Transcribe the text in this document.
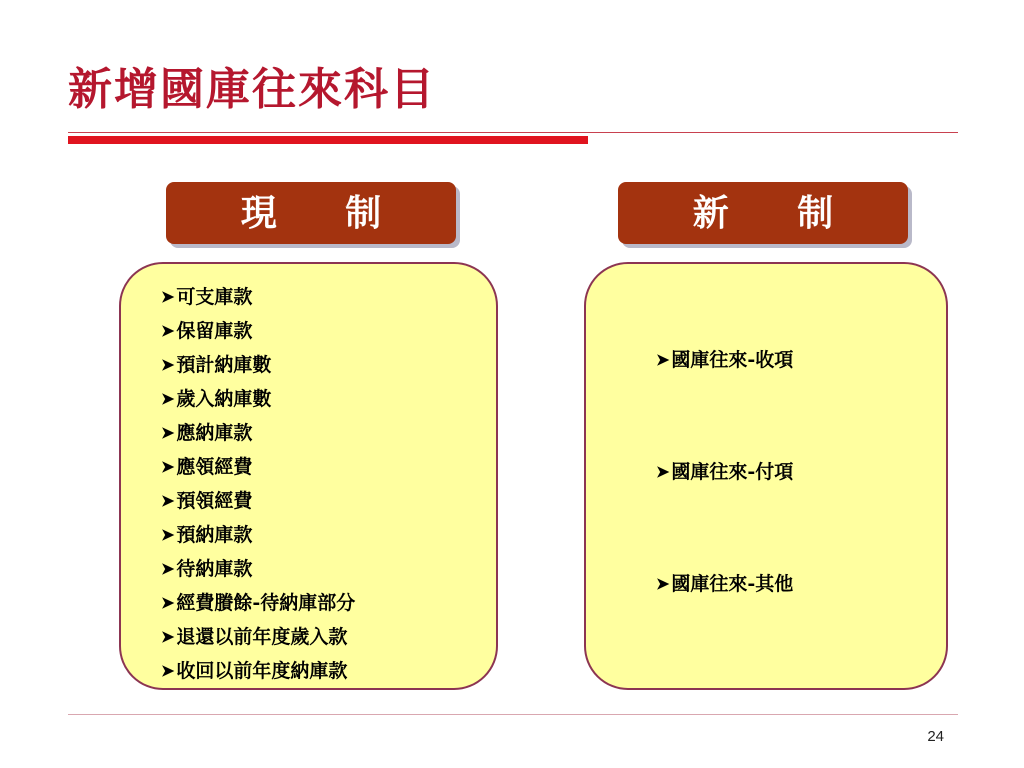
新增國庫往來科目
現 制	新 制
➤ 可支庫款
➤ 保留庫款
➤ 預計納庫數
➤ 歲入納庫數
➤ 應納庫款
➤ 應領經費
➤ 預領經費
➤ 預納庫款
➤ 待納庫款
➤ 經費賸餘-待納庫部分
➤ 退還以前年度歲入款
➤ 收回以前年度納庫款
➤ 國庫往來-收項
➤ 國庫往來-付項
➤ 國庫往來-其他
24
